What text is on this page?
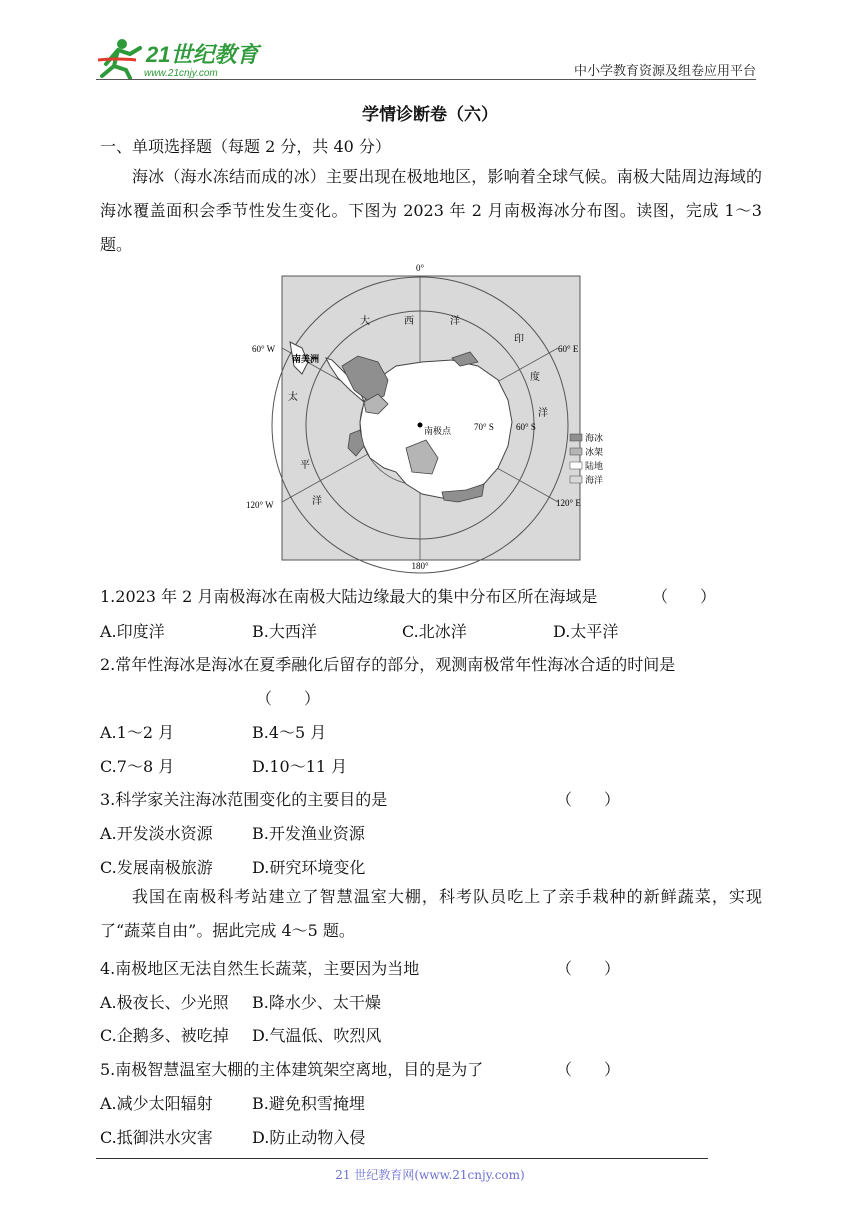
21世纪教育
www.21cnjy.com	中小学教育资源及组卷应用平台
学情诊断卷（六）
一、单项选择题（每题 2 分，共 40 分）
海冰（海水冻结而成的冰）主要出现在极地地区，影响着全球气候。南极大陆周边海域的海冰覆盖面积会季节性发生变化。下图为 2023 年 2 月南极海冰分布图。读图，完成 1～3 题。
0°
180°
60° W	60° E
120° W	120° E
70° S 60° S
南美洲
南极点
大	西	洋
印
度
洋
太
平
洋
海冰
冰架
陆地
海洋
1.2023 年 2 月南极海冰在南极大陆边缘最大的集中分布区所在海域是	（　　）
A.印度洋	B.大西洋	C.北冰洋	D.太平洋
2.常年性海冰是海冰在夏季融化后留存的部分，观测南极常年性海冰合适的时间是
（　　）
A.1～2 月	B.4～5 月
C.7～8 月	D.10～11 月
3.科学家关注海冰范围变化的主要目的是	（　　）
A.开发淡水资源 B.开发渔业资源
C.发展南极旅游 D.研究环境变化
我国在南极科考站建立了智慧温室大棚，科考队员吃上了亲手栽种的新鲜蔬菜，实现了“蔬菜自由”。据此完成 4～5 题。
4.南极地区无法自然生长蔬菜，主要因为当地	（　　）
A.极夜长、少光照 B.降水少、太干燥
C.企鹅多、被吃掉 D.气温低、吹烈风
5.南极智慧温室大棚的主体建筑架空离地，目的是为了	（　　）
A.减少太阳辐射 B.避免积雪掩埋
C.抵御洪水灾害 D.防止动物入侵
21 世纪教育网(www.21cnjy.com)
